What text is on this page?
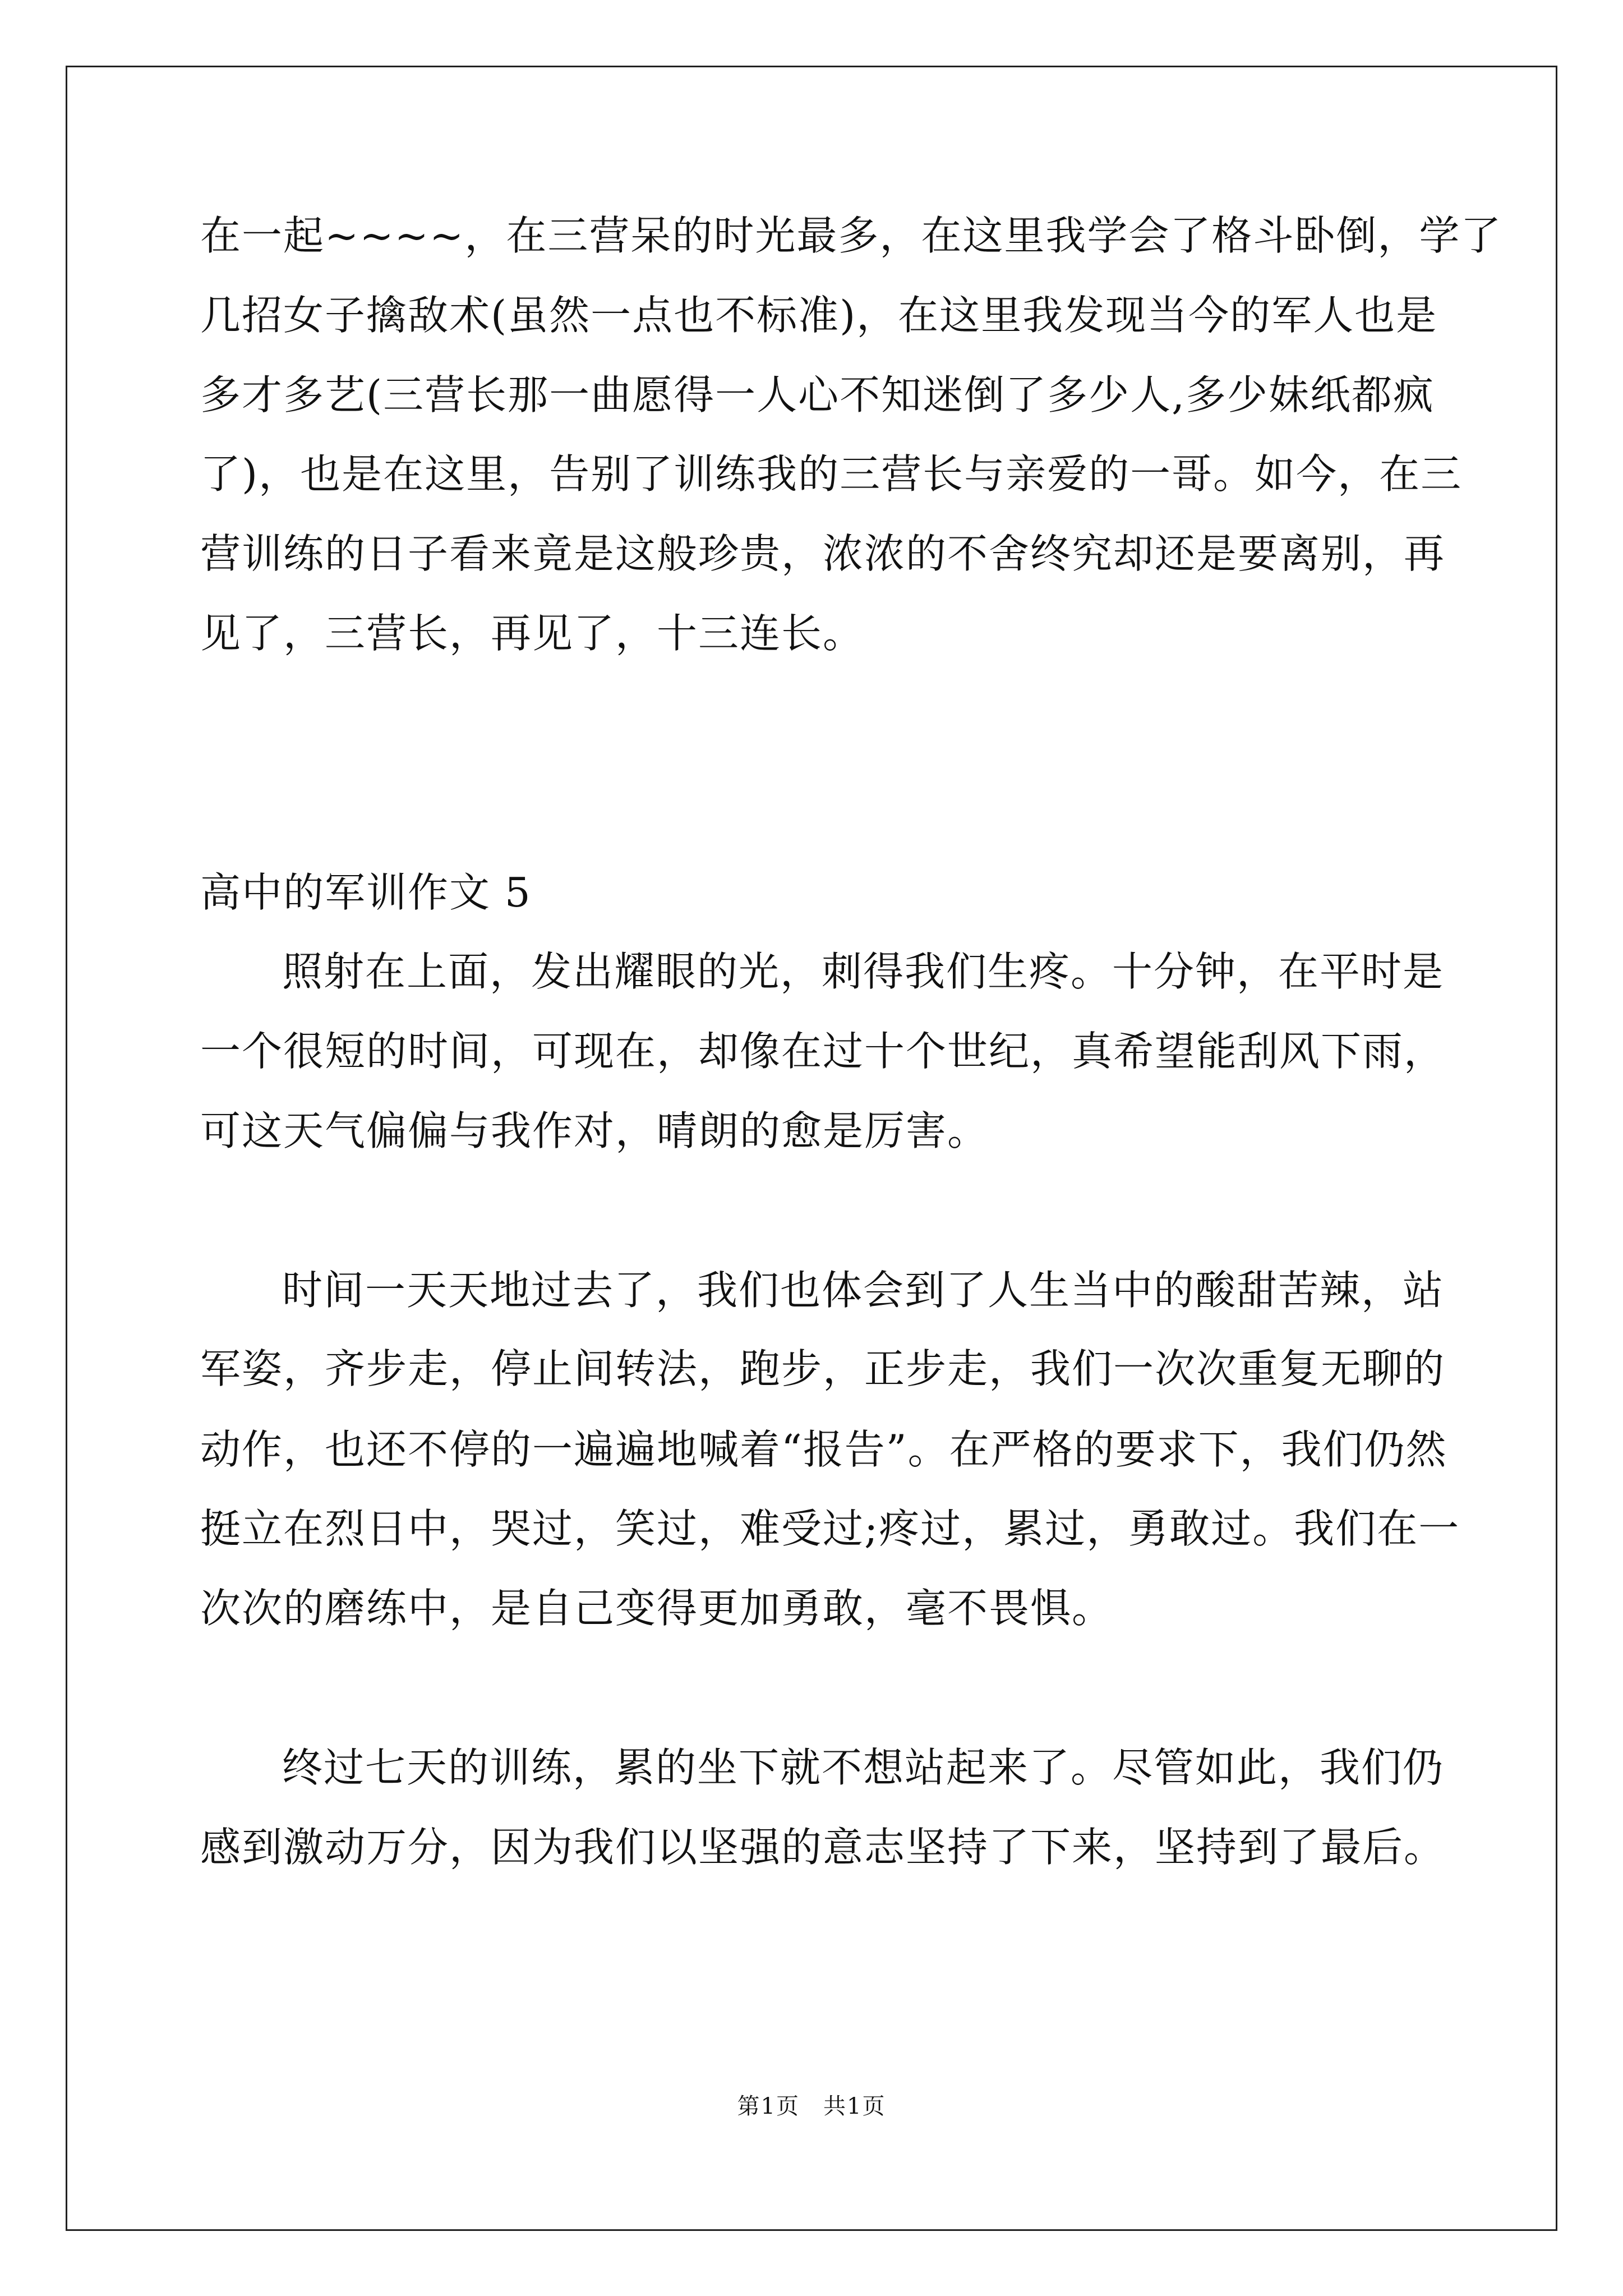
在一起~~~~，在三营呆的时光最多，在这里我学会了格斗卧倒，学了
几招女子擒敌术(虽然一点也不标准)，在这里我发现当今的军人也是
多才多艺(三营长那一曲愿得一人心不知迷倒了多少人,多少妹纸都疯
了)，也是在这里，告别了训练我的三营长与亲爱的一哥。如今，在三
营训练的日子看来竟是这般珍贵，浓浓的不舍终究却还是要离别，再
见了，三营长，再见了，十三连长。
高中的军训作文 5
照射在上面，发出耀眼的光，刺得我们生疼。十分钟，在平时是
一个很短的时间，可现在，却像在过十个世纪，真希望能刮风下雨，
可这天气偏偏与我作对，晴朗的愈是厉害。
时间一天天地过去了，我们也体会到了人生当中的酸甜苦辣，站
军姿，齐步走，停止间转法，跑步，正步走，我们一次次重复无聊的
动作，也还不停的一遍遍地喊着“报告”。在严格的要求下，我们仍然
挺立在烈日中，哭过，笑过，难受过;疼过，累过，勇敢过。我们在一
次次的磨练中，是自己变得更加勇敢，毫不畏惧。
终过七天的训练，累的坐下就不想站起来了。尽管如此，我们仍
感到激动万分，因为我们以坚强的意志坚持了下来，坚持到了最后。
第1页　共1页
